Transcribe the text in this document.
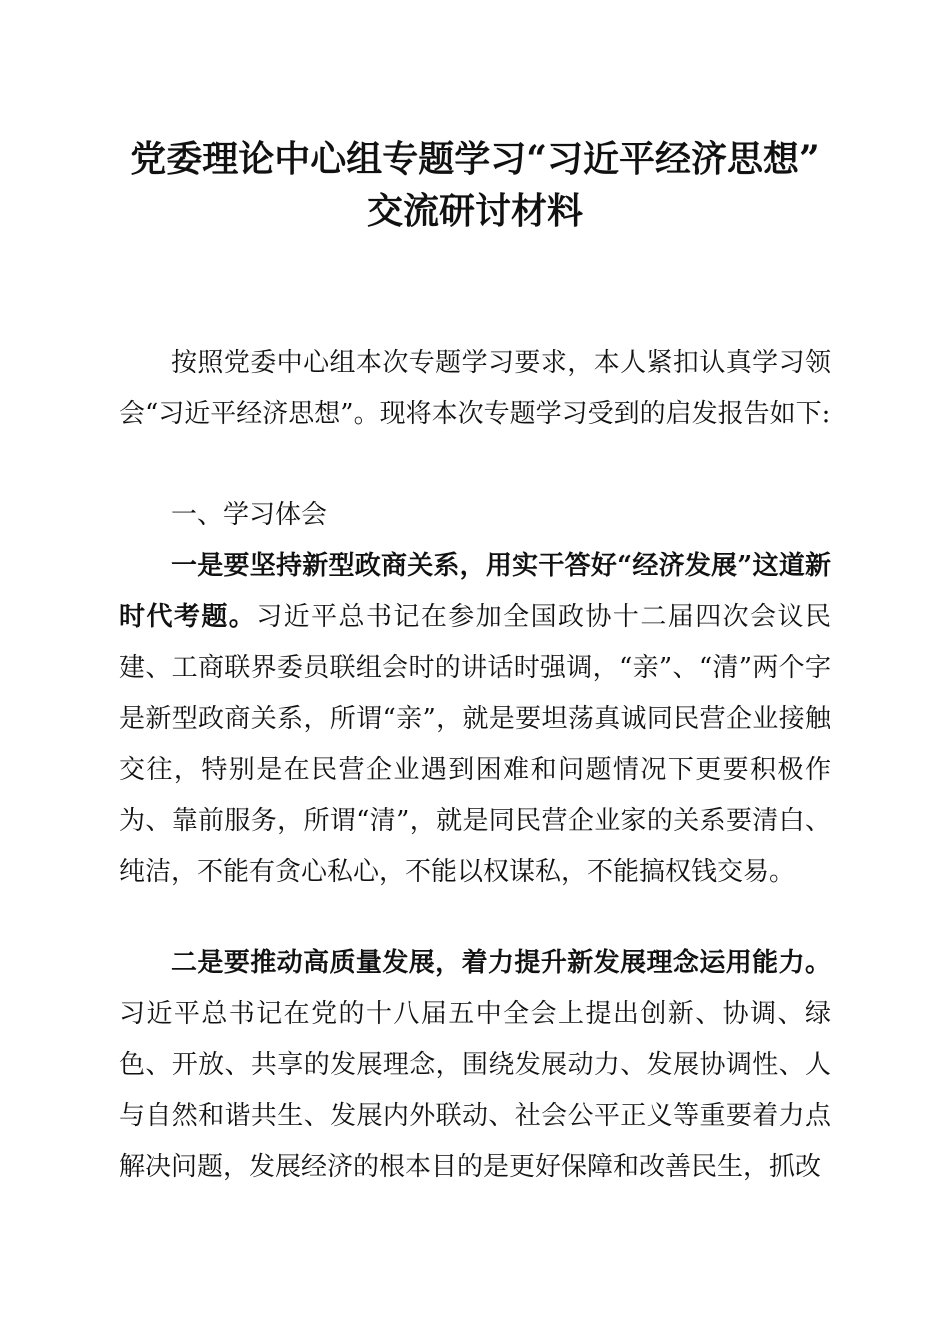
党委理论中心组专题学习“习近平经济思想”
交流研讨材料

按照党委中心组本次专题学习要求，本人紧扣认真学习领会“习近平经济思想”。现将本次专题学习受到的启发报告如下:

一、学习体会

一是要坚持新型政商关系，用实干答好“经济发展”这道新时代考题。习近平总书记在参加全国政协十二届四次会议民建、工商联界委员联组会时的讲话时强调，“亲”、“清”两个字是新型政商关系，所谓“亲”，就是要坦荡真诚同民营企业接触交往，特别是在民营企业遇到困难和问题情况下更要积极作为、靠前服务，所谓“清”，就是同民营企业家的关系要清白、纯洁，不能有贪心私心，不能以权谋私，不能搞权钱交易。

二是要推动高质量发展，着力提升新发展理念运用能力。习近平总书记在党的十八届五中全会上提出创新、协调、绿色、开放、共享的发展理念，围绕发展动力、发展协调性、人与自然和谐共生、发展内外联动、社会公平正义等重要着力点解决问题，发展经济的根本目的是更好保障和改善民生，抓改
